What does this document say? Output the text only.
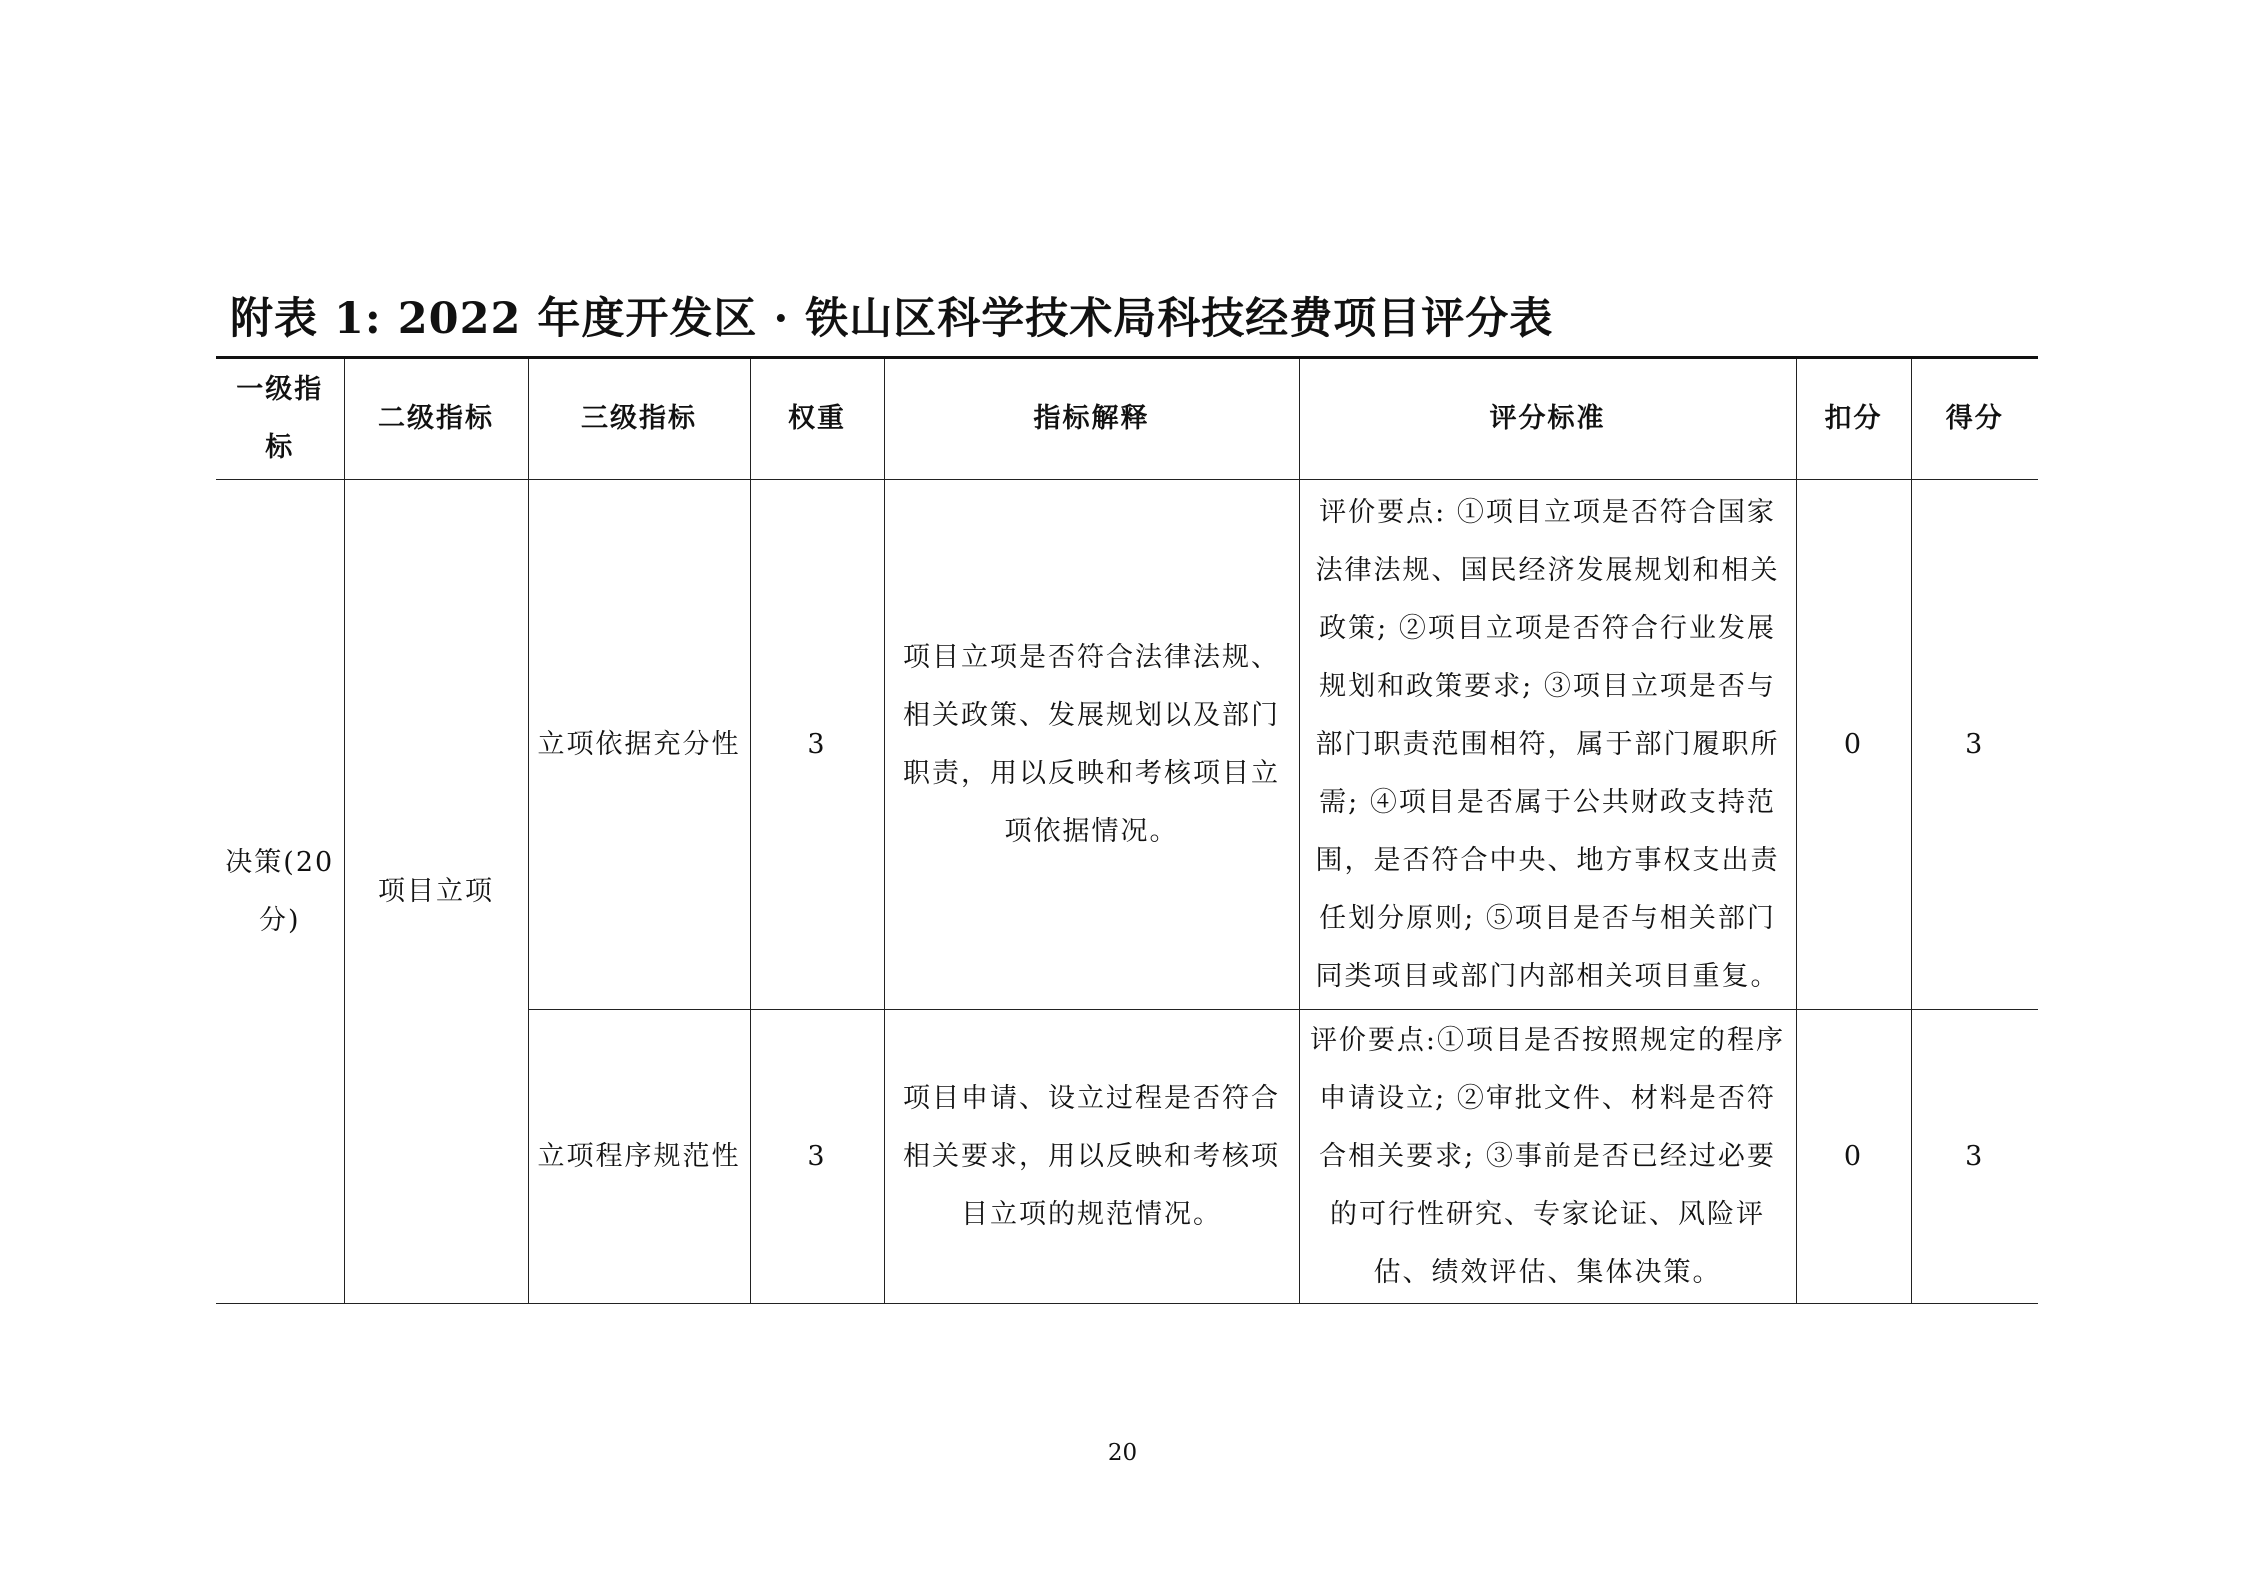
附表 1: 2022 年度开发区 · 铁山区科学技术局科技经费项目评分表
一级指标	二级指标	三级指标	权重	指标解释	评分标准	扣分	得分
决策(20分)	项目立项	立项依据充分性	3	项目立项是否符合法律法规、相关政策、发展规划以及部门职责，用以反映和考核项目立项依据情况。	评价要点: ①项目立项是否符合国家法律法规、国民经济发展规划和相关政策; ②项目立项是否符合行业发展规划和政策要求; ③项目立项是否与部门职责范围相符，属于部门履职所需; ④项目是否属于公共财政支持范围，是否符合中央、地方事权支出责任划分原则; ⑤项目是否与相关部门同类项目或部门内部相关项目重复。	0	3
		立项程序规范性	3	项目申请、设立过程是否符合相关要求，用以反映和考核项目立项的规范情况。	评价要点:①项目是否按照规定的程序申请设立; ②审批文件、材料是否符合相关要求; ③事前是否已经过必要的可行性研究、专家论证、风险评估、绩效评估、集体决策。	0	3
20
